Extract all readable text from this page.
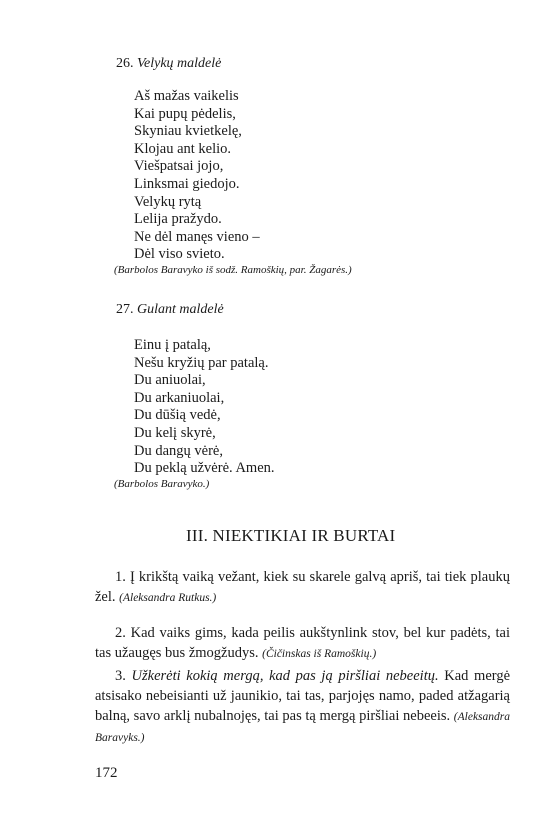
26. Velykų maldelė
Aš mažas vaikelis
Kai pupų pėdelis,
Skyniau kvietkelę,
Klojau ant kelio.
Viešpatsai jojo,
Linksmai giedojo.
Velykų rytą
Lelija pražydo.
Ne dėl manęs vieno –
Dėl viso svieto.
(Barbolos Baravyko iš sodž. Ramoškių, par. Žagarės.)
27. Gulant maldelė
Einu į patalą,
Nešu kryžių par patalą.
Du aniuolai,
Du arkaniuolai,
Du dūšią vedė,
Du kelį skyrė,
Du dangų vėrė,
Du peklą užvėrė. Amen.
(Barbolos Baravyko.)
III. NIEKTIKIAI IR BURTAI
1. Į krikštą vaiką vežant, kiek su skarele galvą apriš, tai tiek plaukų žel. (Aleksandra Rutkus.)
2. Kad vaiks gims, kada peilis aukštynlink stov, bel kur padėts, tai tas užaugęs bus žmogžudys. (Čičinskas iš Ramoškių.)
3. Užkerėti kokią mergą, kad pas ją piršliai nebeeitų. Kad mergė atsisako nebeisianti už jaunikio, tai tas, parjojęs namo, paded atžagarią balną, savo arklį nubalnojęs, tai pas tą mergą piršliai nebeeis. (Aleksandra Baravyks.)
172
